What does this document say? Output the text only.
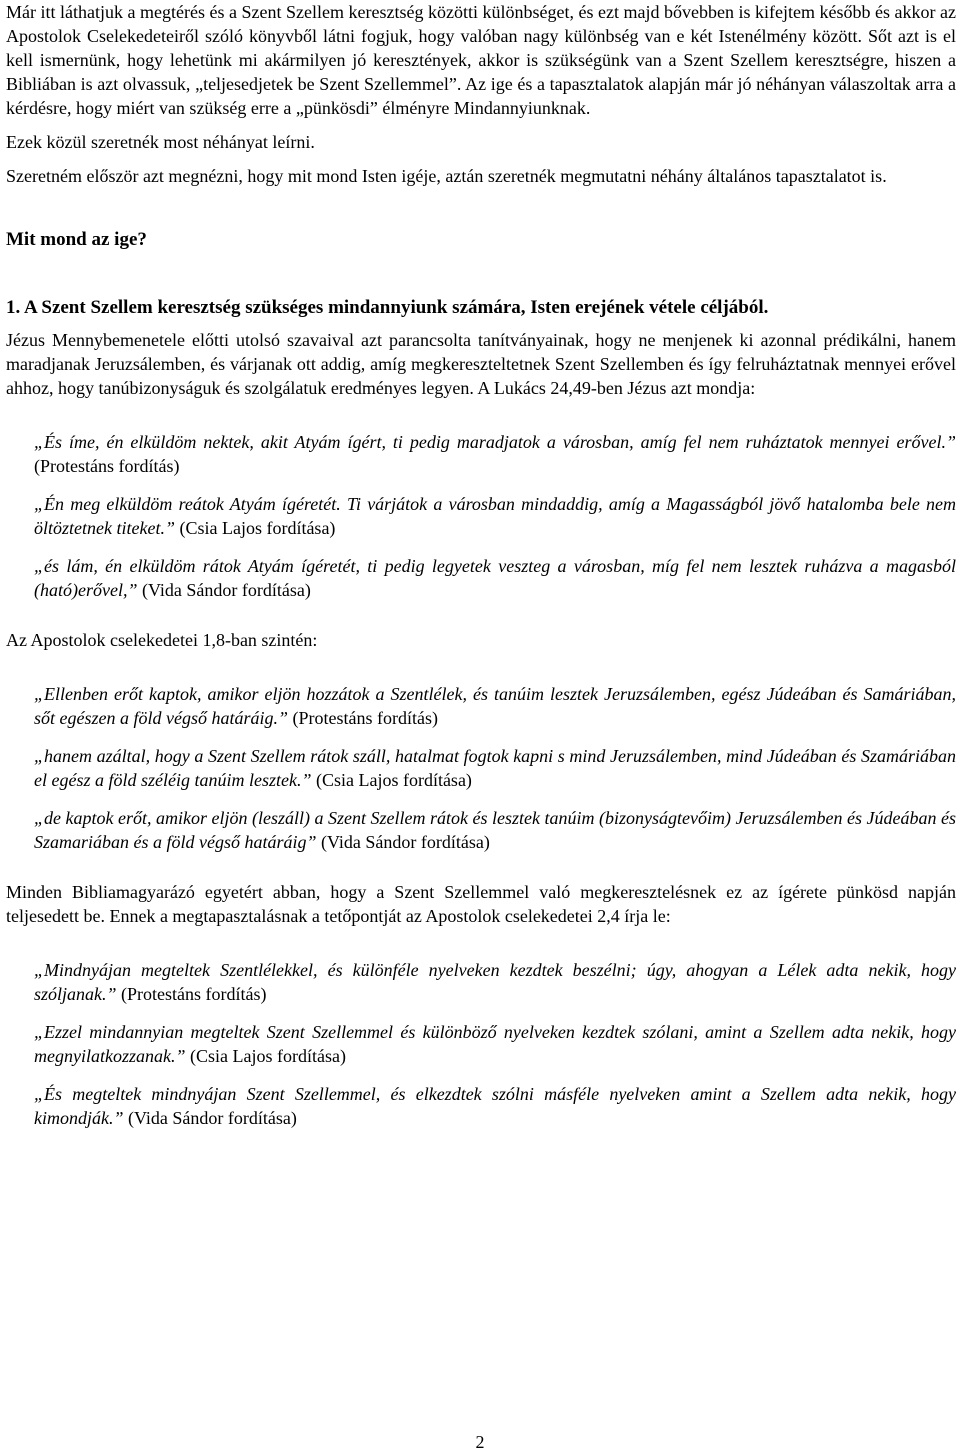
Már itt láthatjuk a megtérés és a Szent Szellem keresztség közötti különbséget, és ezt majd bővebben is kifejtem később és akkor az Apostolok Cselekedeteiről szóló könyvből látni fogjuk, hogy valóban nagy különbség van e két Istenélmény között. Sőt azt is el kell ismernünk, hogy lehetünk mi akármilyen jó keresztények, akkor is szükségünk van a Szent Szellem keresztségre, hiszen a Bibliában is azt olvassuk, „teljesedjetek be Szent Szellemmel”. Az ige és a tapasztalatok alapján már jó néhányan válaszoltak arra a kérdésre, hogy miért van szükség erre a „pünkösdi” élményre Mindannyiunknak.

Ezek közül szeretnék most néhányat leírni.

Szeretném először azt megnézni, hogy mit mond Isten igéje, aztán szeretnék megmutatni néhány általános tapasztalatot is.

Mit mond az ige?
1. A Szent Szellem keresztség szükséges mindannyiunk számára, Isten erejének vétele céljából.

Jézus Mennybemenetele előtti utolsó szavaival azt parancsolta tanítványainak, hogy ne menjenek ki azonnal prédikálni, hanem maradjanak Jeruzsálemben, és várjanak ott addig, amíg megkereszteltetnek Szent Szellemben és így felruháztatnak mennyei erővel ahhoz, hogy tanúbizonyságuk és szolgálatuk eredményes legyen. A Lukács 24,49-ben Jézus azt mondja:

„És íme, én elküldöm nektek, akit Atyám ígért, ti pedig maradjatok a városban, amíg fel nem ruháztatok mennyei erővel.” (Protestáns fordítás)

„Én meg elküldöm reátok Atyám ígéretét. Ti várjátok a városban mindaddig, amíg a Magasságból jövő hatalomba bele nem öltöztetnek titeket.” (Csia Lajos fordítása)

„és lám, én elküldöm rátok Atyám ígéretét, ti pedig legyetek veszteg a városban, míg fel nem lesztek ruházva a magasból (ható)erővel,” (Vida Sándor fordítása)

Az Apostolok cselekedetei 1,8-ban szintén:

„Ellenben erőt kaptok, amikor eljön hozzátok a Szentlélek, és tanúim lesztek Jeruzsálemben, egész Júdeában és Samáriában, sőt egészen a föld végső határáig.” (Protestáns fordítás)

„hanem azáltal, hogy a Szent Szellem rátok száll, hatalmat fogtok kapni s mind Jeruzsálemben, mind Júdeában és Szamáriában el egész a föld széléig tanúim lesztek.” (Csia Lajos fordítása)

„de kaptok erőt, amikor eljön (leszáll) a Szent Szellem rátok és lesztek tanúim (bizonyságtevőim) Jeruzsálemben és Júdeában és Szamariában és a föld végső határáig” (Vida Sándor fordítása)

Minden Bibliamagyarázó egyetért abban, hogy a Szent Szellemmel való megkeresztelésnek ez az ígérete pünkösd napján teljesedett be. Ennek a megtapasztalásnak a tetőpontját az Apostolok cselekedetei 2,4 írja le:

„Mindnyájan megteltek Szentlélekkel, és különféle nyelveken kezdtek beszélni; úgy, ahogyan a Lélek adta nekik, hogy szóljanak.” (Protestáns fordítás)

„Ezzel mindannyian megteltek Szent Szellemmel és különböző nyelveken kezdtek szólani, amint a Szellem adta nekik, hogy megnyilatkozzanak.” (Csia Lajos fordítása)

„És megteltek mindnyájan Szent Szellemmel, és elkezdtek szólni másféle nyelveken amint a Szellem adta nekik, hogy kimondják.” (Vida Sándor fordítása)

2
